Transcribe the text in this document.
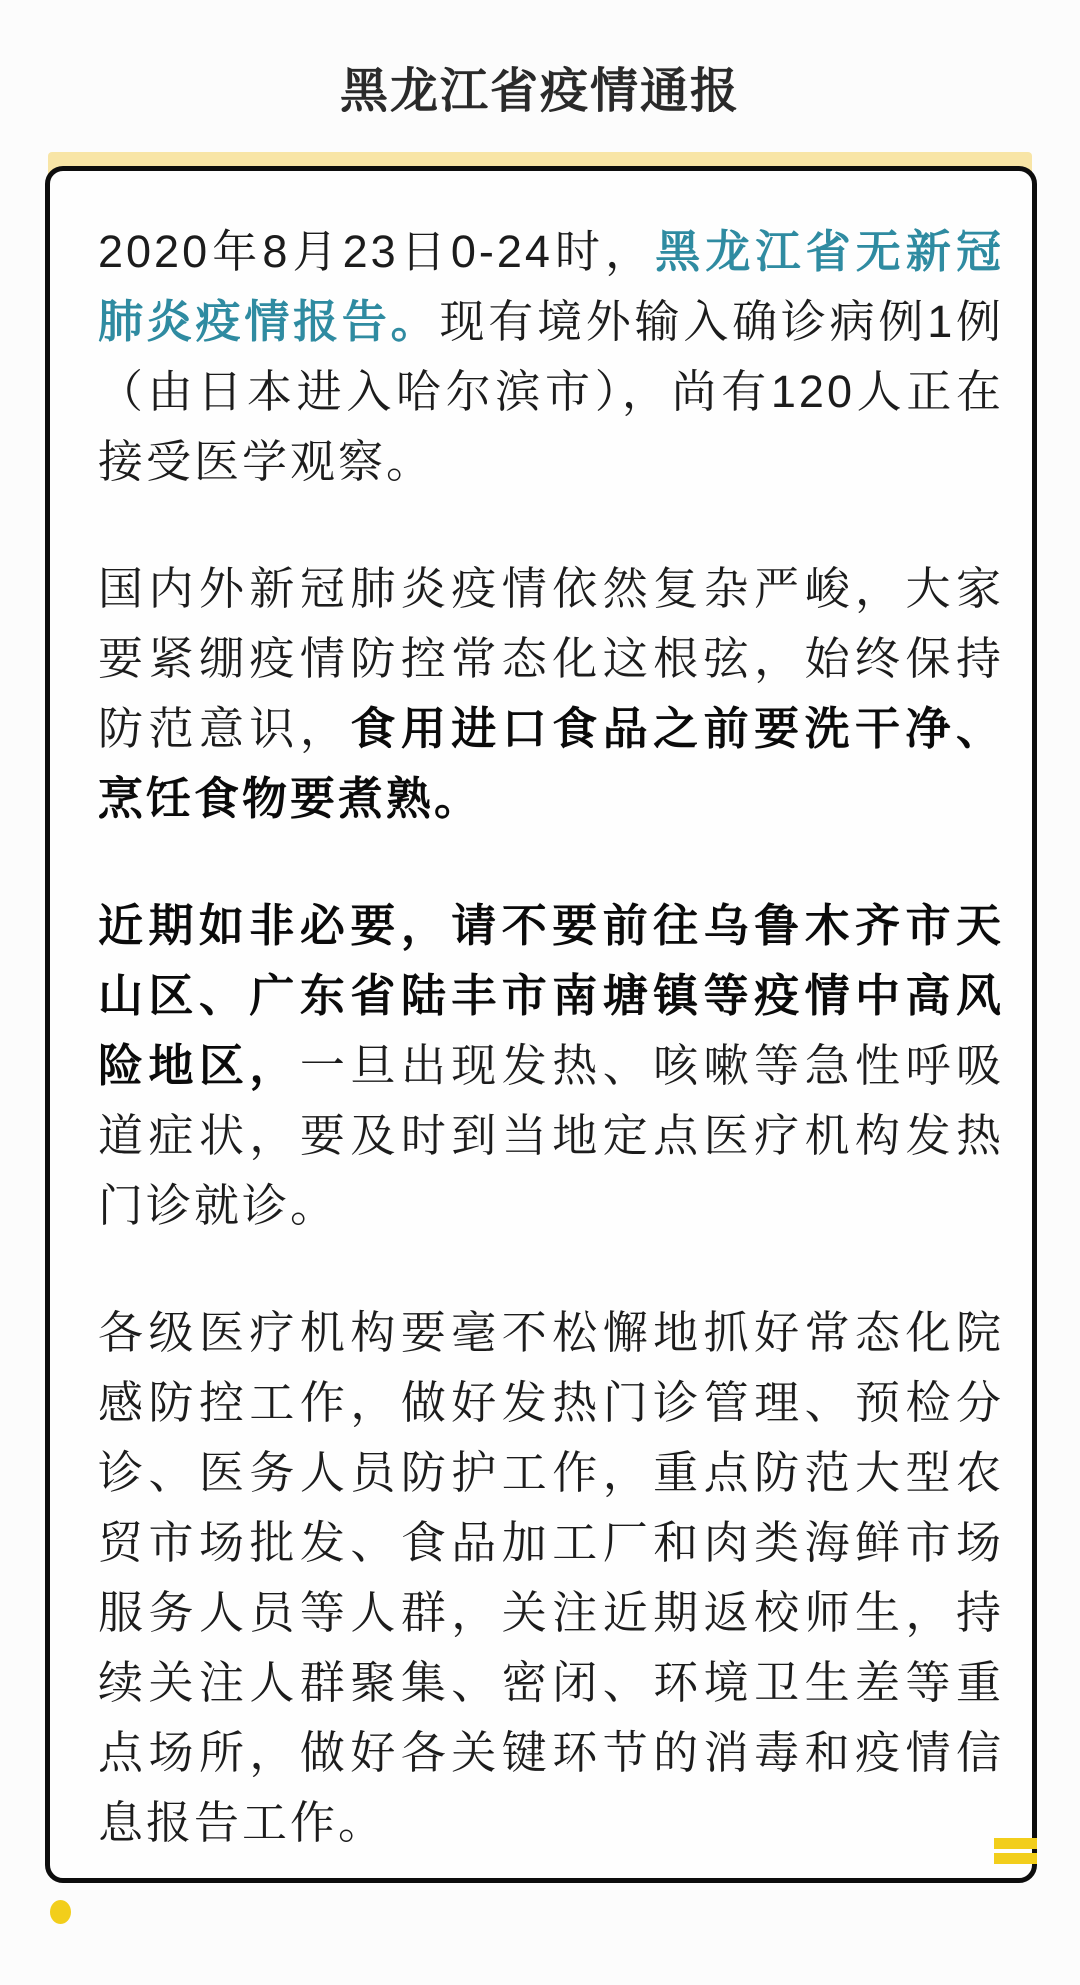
黑龙江省疫情通报

2020年8月23日0-24时，黑龙江省无新冠肺炎疫情报告。现有境外输入确诊病例1例（由日本进入哈尔滨市），尚有120人正在接受医学观察。

国内外新冠肺炎疫情依然复杂严峻，大家要紧绷疫情防控常态化这根弦，始终保持防范意识，食用进口食品之前要洗干净、烹饪食物要煮熟。

近期如非必要，请不要前往乌鲁木齐市天山区、广东省陆丰市南塘镇等疫情中高风险地区，一旦出现发热、咳嗽等急性呼吸道症状，要及时到当地定点医疗机构发热门诊就诊。

各级医疗机构要毫不松懈地抓好常态化院感防控工作，做好发热门诊管理、预检分诊、医务人员防护工作，重点防范大型农贸市场批发、食品加工厂和肉类海鲜市场服务人员等人群，关注近期返校师生，持续关注人群聚集、密闭、环境卫生差等重点场所，做好各关键环节的消毒和疫情信息报告工作。
